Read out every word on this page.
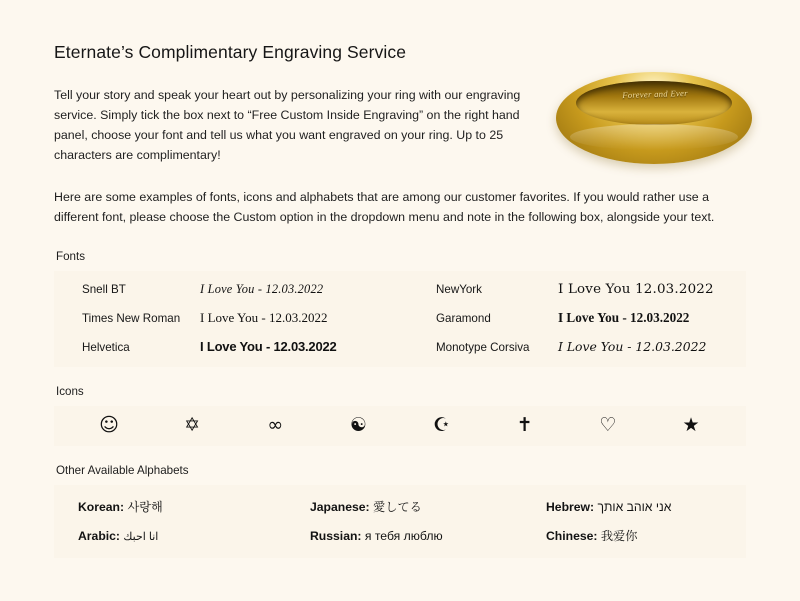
Eternate’s Complimentary Engraving Service
Forever and Ever

Tell your story and speak your heart out by personalizing your ring with our engraving service. Simply tick the box next to “Free Custom Inside Engraving” on the right hand panel, choose your font and tell us what you want engraved on your ring. Up to 25 characters are complimentary!

Here are some examples of fonts, icons and alphabets that are among our customer favorites. If you would rather use a different font, please choose the Custom option in the dropdown menu and note in the following box, alongside your text.

Fonts
Snell BT	I Love You - 12.03.2022	NewYork	I Love You 12.03.2022
Times New Roman	I Love You - 12.03.2022	Garamond	I Love You - 12.03.2022
Helvetica	I Love You - 12.03.2022	Monotype Corsiva	I Love You - 12.03.2022
Icons
☺	✡	∞	☯	☪	✝	♡	★
Other Available Alphabets
Korean: 사랑해	Japanese: 愛してる	Hebrew: אני אוהב אותך
Arabic: انا احبك	Russian: я тебя люблю	Chinese: 我爱你
